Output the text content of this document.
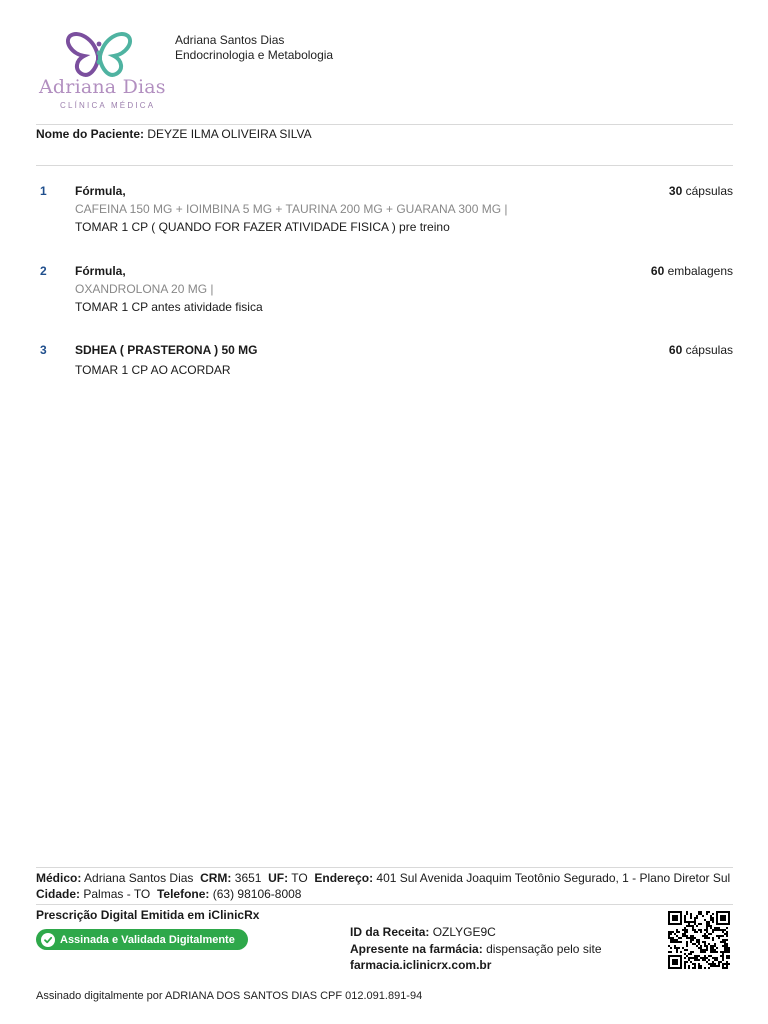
Adriana Dias
CLÍNICA MÉDICA
Adriana Santos Dias
Endocrinologia e Metabologia
Nome do Paciente: DEYZE ILMA OLIVEIRA SILVA
1 Fórmula,
CAFEINA 150 MG + IOIMBINA 5 MG + TAURINA 200 MG + GUARANA 300 MG |
TOMAR 1 CP ( QUANDO FOR FAZER ATIVIDADE FISICA ) pre treino
30 cápsulas
2 Fórmula,
OXANDROLONA 20 MG |
TOMAR 1 CP antes atividade fisica
60 embalagens
3 SDHEA ( PRASTERONA ) 50 MG
TOMAR 1 CP AO ACORDAR
60 cápsulas
Médico: Adriana Santos Dias CRM: 3651 UF: TO Endereço: 401 Sul Avenida Joaquim Teotônio Segurado, 1 - Plano Diretor Sul
Cidade: Palmas - TO Telefone: (63) 98106-8008
Prescrição Digital Emitida em iClinicRx
Assinada e Validada Digitalmente
ID da Receita: OZLYGE9C
Apresente na farmácia: dispensação pelo site
farmacia.iclinicrx.com.br
Assinado digitalmente por ADRIANA DOS SANTOS DIAS CPF 012.091.891-94
